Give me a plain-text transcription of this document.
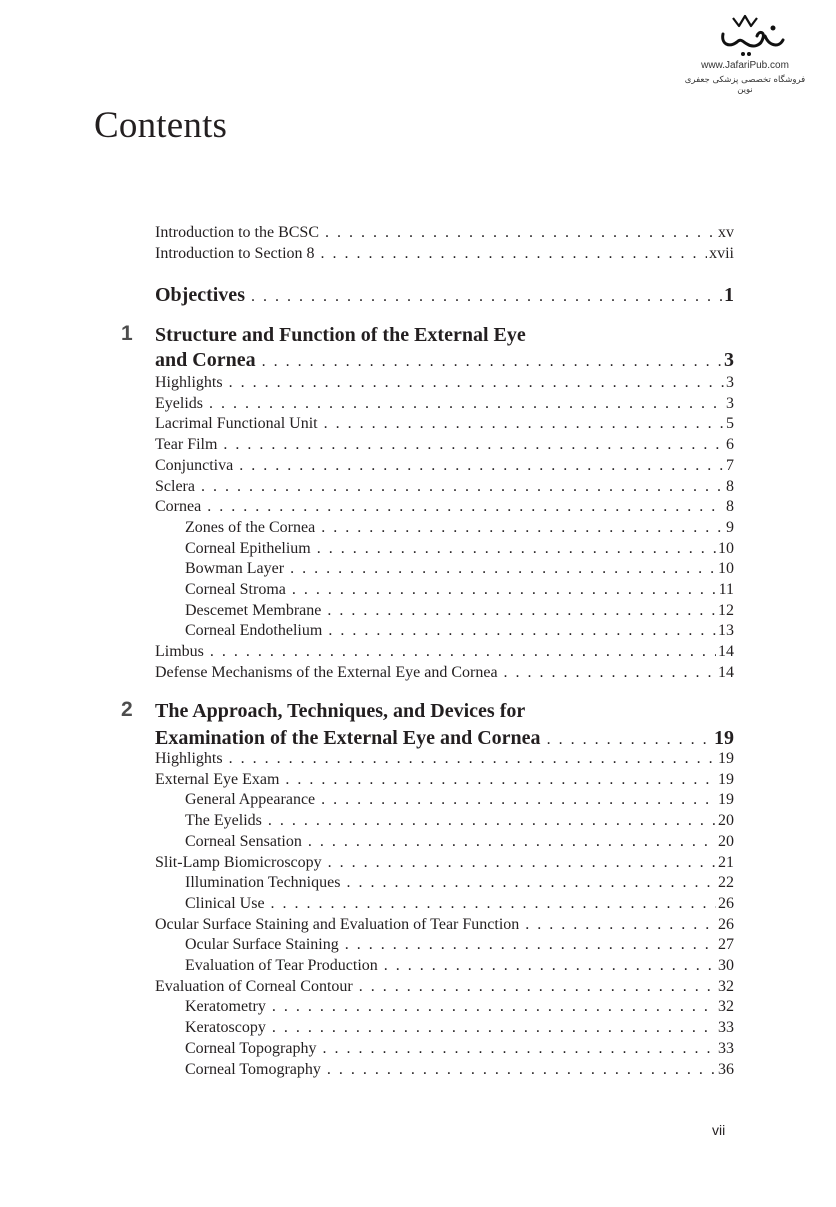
www.JafariPub.com
فروشگاه تخصصی پزشکی جعفری نوین
Contents
Introduction to the BCSC . .	xv
Introduction to Section 8 . .	xvii
Objectives . .	1
1 Structure and Function of the External Eye
and Cornea . .	3
Highlights . .	3
Eyelids . .	3
Lacrimal Functional Unit . .	5
Tear Film . .	6
Conjunctiva . .	7
Sclera . .	8
Cornea . .	8
Zones of the Cornea . .	9
Corneal Epithelium . .	10
Bowman Layer . .	10
Corneal Stroma . .	11
Descemet Membrane . .	12
Corneal Endothelium . .	13
Limbus . .	14
Defense Mechanisms of the External Eye and Cornea . .	14
2 The Approach, Techniques, and Devices for
Examination of the External Eye and Cornea . .	19
Highlights . .	19
External Eye Exam . .	19
General Appearance . .	19
The Eyelids . .	20
Corneal Sensation . .	20
Slit-Lamp Biomicroscopy . .	21
Illumination Techniques . .	22
Clinical Use . .	26
Ocular Surface Staining and Evaluation of Tear Function . .	26
Ocular Surface Staining . .	27
Evaluation of Tear Production . .	30
Evaluation of Corneal Contour . .	32
Keratometry . .	32
Keratoscopy . .	33
Corneal Topography . .	33
Corneal Tomography . .	36
vii
